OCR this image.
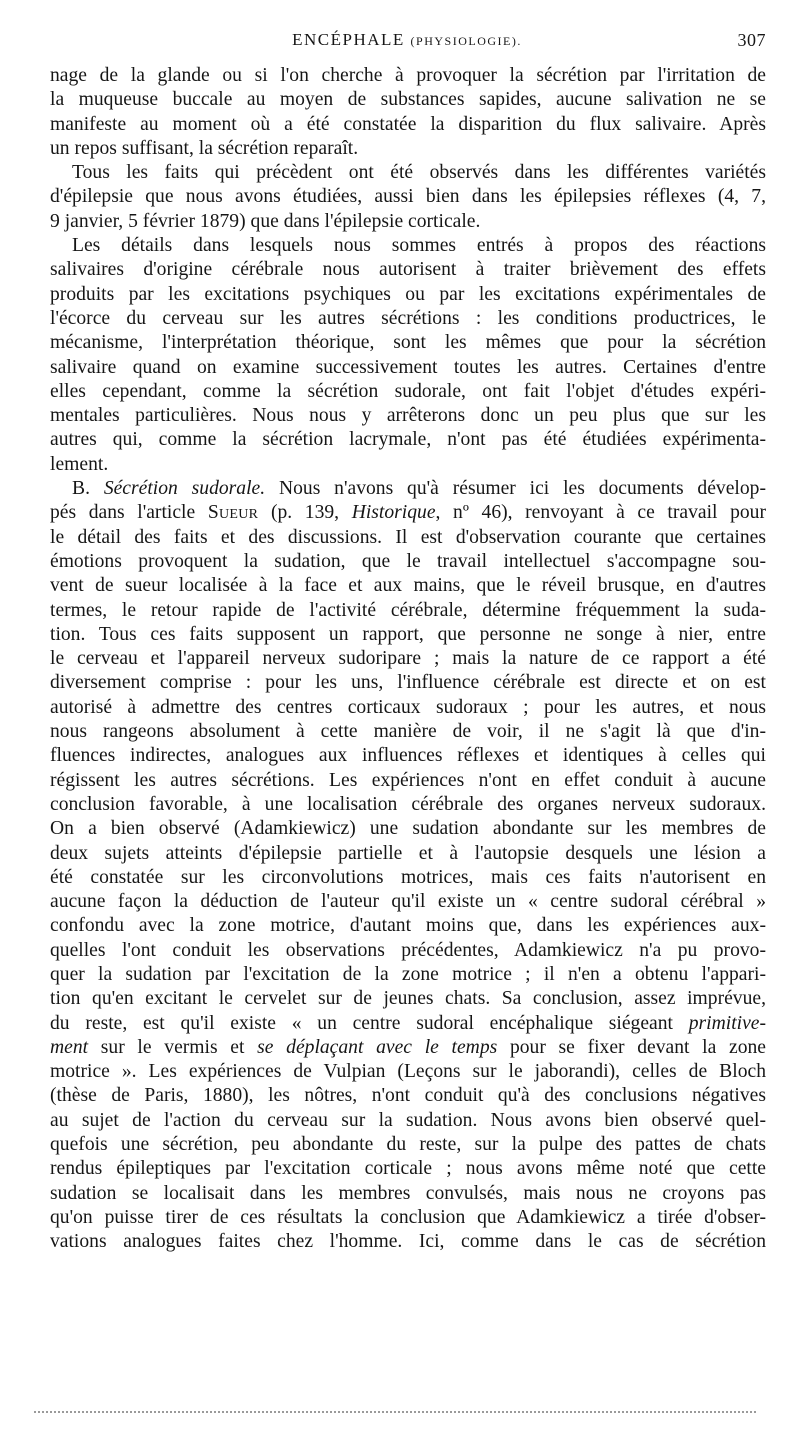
ENCÉPHALE (PHYSIOLOGIE).	307
nage de la glande ou si l'on cherche à provoquer la sécrétion par l'irritation de
la muqueuse buccale au moyen de substances sapides, aucune salivation ne se
manifeste au moment où a été constatée la disparition du flux salivaire. Après
un repos suffisant, la sécrétion reparaît.
Tous les faits qui précèdent ont été observés dans les différentes variétés
d'épilepsie que nous avons étudiées, aussi bien dans les épilepsies réflexes (4, 7,
9 janvier, 5 février 1879) que dans l'épilepsie corticale.
Les détails dans lesquels nous sommes entrés à propos des réactions
salivaires d'origine cérébrale nous autorisent à traiter brièvement des effets
produits par les excitations psychiques ou par les excitations expérimentales de
l'écorce du cerveau sur les autres sécrétions : les conditions productrices, le
mécanisme, l'interprétation théorique, sont les mêmes que pour la sécrétion
salivaire quand on examine successivement toutes les autres. Certaines d'entre
elles cependant, comme la sécrétion sudorale, ont fait l'objet d'études expéri-
mentales particulières. Nous nous y arrêterons donc un peu plus que sur les
autres qui, comme la sécrétion lacrymale, n'ont pas été étudiées expérimenta-
lement.
B. Sécrétion sudorale. Nous n'avons qu'à résumer ici les documents dévelop-
pés dans l'article Sueur (p. 139, Historique, nº 46), renvoyant à ce travail pour
le détail des faits et des discussions. Il est d'observation courante que certaines
émotions provoquent la sudation, que le travail intellectuel s'accompagne sou-
vent de sueur localisée à la face et aux mains, que le réveil brusque, en d'autres
termes, le retour rapide de l'activité cérébrale, détermine fréquemment la suda-
tion. Tous ces faits supposent un rapport, que personne ne songe à nier, entre
le cerveau et l'appareil nerveux sudoripare ; mais la nature de ce rapport a été
diversement comprise : pour les uns, l'influence cérébrale est directe et on est
autorisé à admettre des centres corticaux sudoraux ; pour les autres, et nous
nous rangeons absolument à cette manière de voir, il ne s'agit là que d'in-
fluences indirectes, analogues aux influences réflexes et identiques à celles qui
régissent les autres sécrétions. Les expériences n'ont en effet conduit à aucune
conclusion favorable, à une localisation cérébrale des organes nerveux sudoraux.
On a bien observé (Adamkiewicz) une sudation abondante sur les membres de
deux sujets atteints d'épilepsie partielle et à l'autopsie desquels une lésion a
été constatée sur les circonvolutions motrices, mais ces faits n'autorisent en
aucune façon la déduction de l'auteur qu'il existe un « centre sudoral cérébral »
confondu avec la zone motrice, d'autant moins que, dans les expériences aux-
quelles l'ont conduit les observations précédentes, Adamkiewicz n'a pu provo-
quer la sudation par l'excitation de la zone motrice ; il n'en a obtenu l'appari-
tion qu'en excitant le cervelet sur de jeunes chats. Sa conclusion, assez imprévue,
du reste, est qu'il existe « un centre sudoral encéphalique siégeant primitive-
ment sur le vermis et se déplaçant avec le temps pour se fixer devant la zone
motrice ». Les expériences de Vulpian (Leçons sur le jaborandi), celles de Bloch
(thèse de Paris, 1880), les nôtres, n'ont conduit qu'à des conclusions négatives
au sujet de l'action du cerveau sur la sudation. Nous avons bien observé quel-
quefois une sécrétion, peu abondante du reste, sur la pulpe des pattes de chats
rendus épileptiques par l'excitation corticale ; nous avons même noté que cette
sudation se localisait dans les membres convulsés, mais nous ne croyons pas
qu'on puisse tirer de ces résultats la conclusion que Adamkiewicz a tirée d'obser-
vations analogues faites chez l'homme. Ici, comme dans le cas de sécrétion
